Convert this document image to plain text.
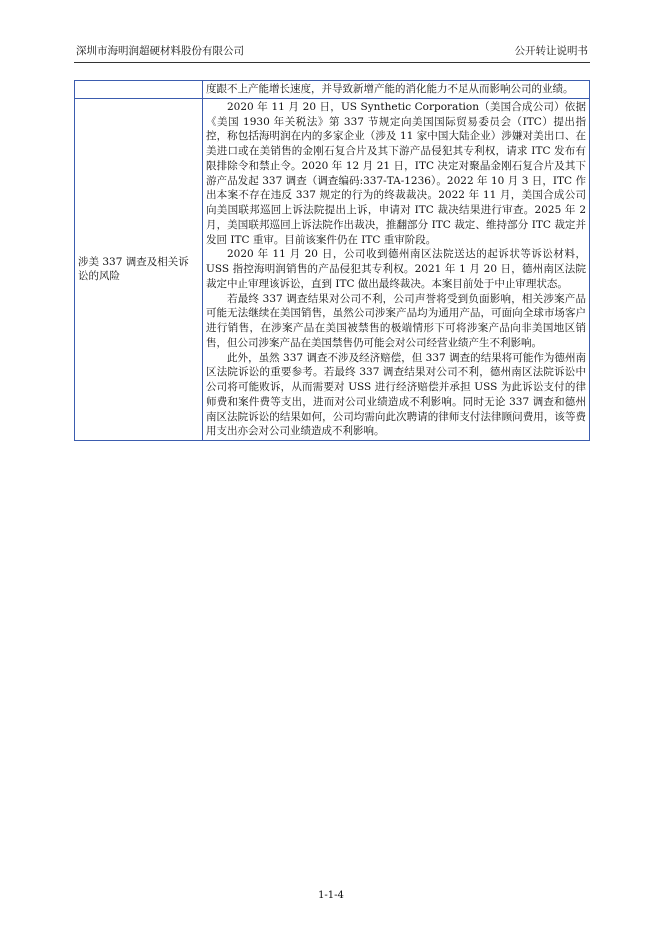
深圳市海明润超硬材料股份有限公司	公开转让说明书

	度跟不上产能增长速度，并导致新增产能的消化能力不足从而影响公司的业绩。

涉美 337 调查及相关诉讼的风险	2020 年 11 月 20 日，US Synthetic Corporation（美国合成公司）依据《美国 1930 年关税法》第 337 节规定向美国国际贸易委员会（ITC）提出指控，称包括海明润在内的多家企业（涉及 11 家中国大陆企业）涉嫌对美出口、在美进口或在美销售的金刚石复合片及其下游产品侵犯其专利权，请求 ITC 发布有限排除令和禁止令。2020 年 12 月 21 日，ITC 决定对聚晶金刚石复合片及其下游产品发起 337 调查（调查编码:337-TA-1236）。2022 年 10 月 3 日，ITC 作出本案不存在违反 337 规定的行为的终裁裁决。2022 年 11 月，美国合成公司向美国联邦巡回上诉法院提出上诉，申请对 ITC 裁决结果进行审查。2025 年 2 月，美国联邦巡回上诉法院作出裁决，推翻部分 ITC 裁定、维持部分 ITC 裁定并发回 ITC 重审。目前该案件仍在 ITC 重审阶段。

2020 年 11 月 20 日，公司收到德州南区法院送达的起诉状等诉讼材料，USS 指控海明润销售的产品侵犯其专利权。2021 年 1 月 20 日，德州南区法院裁定中止审理该诉讼，直到 ITC 做出最终裁决。本案目前处于中止审理状态。

若最终 337 调查结果对公司不利，公司声誉将受到负面影响，相关涉案产品可能无法继续在美国销售，虽然公司涉案产品均为通用产品，可面向全球市场客户进行销售，在涉案产品在美国被禁售的极端情形下可将涉案产品向非美国地区销售，但公司涉案产品在美国禁售仍可能会对公司经营业绩产生不利影响。

此外，虽然 337 调查不涉及经济赔偿，但 337 调查的结果将可能作为德州南区法院诉讼的重要参考。若最终 337 调查结果对公司不利，德州南区法院诉讼中公司将可能败诉，从而需要对 USS 进行经济赔偿并承担 USS 为此诉讼支付的律师费和案件费等支出，进而对公司业绩造成不利影响。同时无论 337 调查和德州南区法院诉讼的结果如何，公司均需向此次聘请的律师支付法律顾问费用，该等费用支出亦会对公司业绩造成不利影响。

1-1-4
